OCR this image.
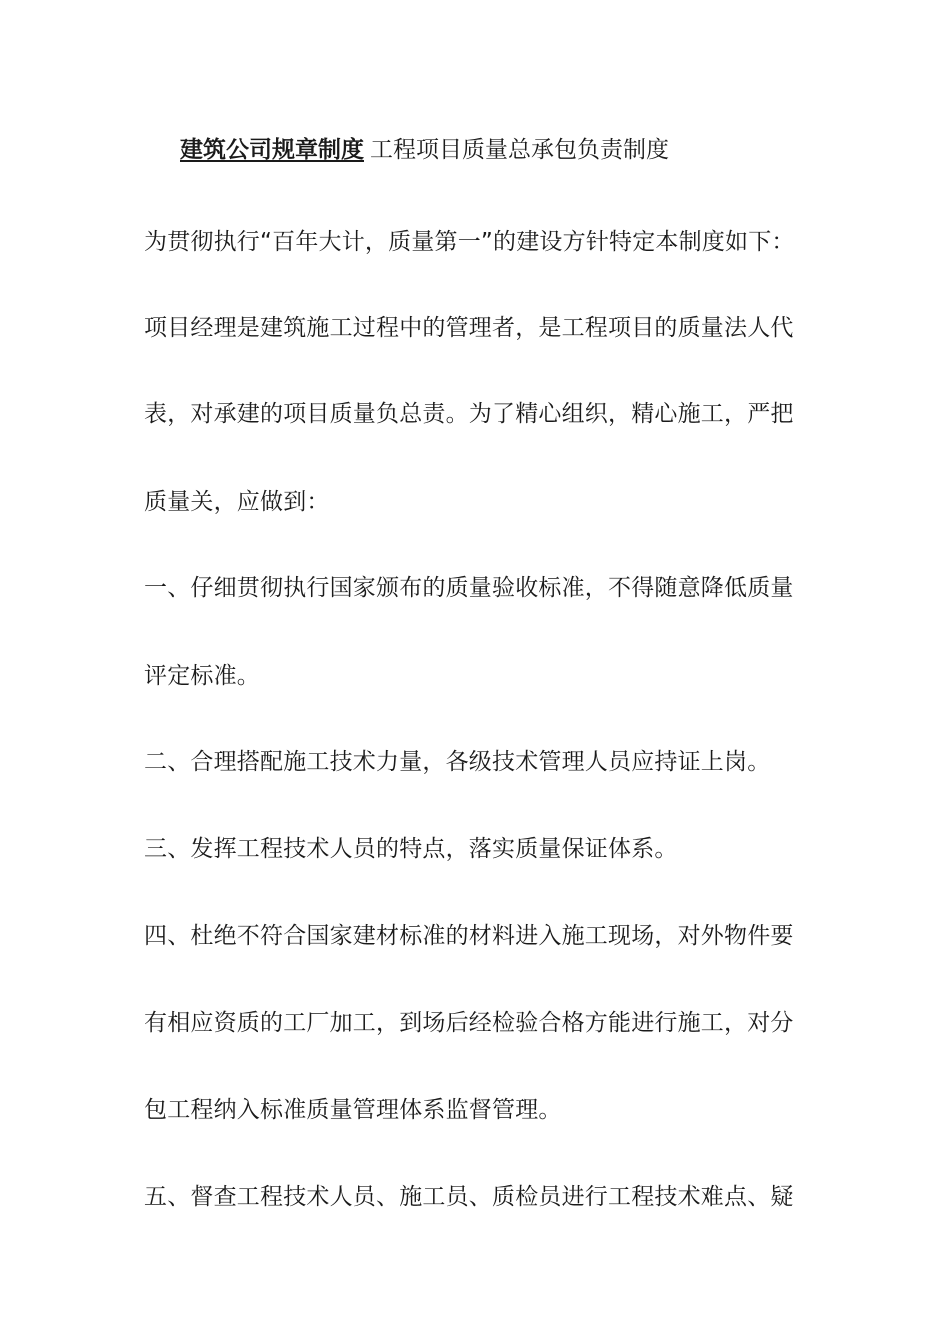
建筑公司规章制度 工程项目质量总承包负责制度
为贯彻执行“百年大计，质量第一”的建设方针特定本制度如下：
项目经理是建筑施工过程中的管理者，是工程项目的质量法人代
表，对承建的项目质量负总责。为了精心组织，精心施工，严把
质量关，应做到：
一、仔细贯彻执行国家颁布的质量验收标准，不得随意降低质量
评定标准。
二、合理搭配施工技术力量，各级技术管理人员应持证上岗。
三、发挥工程技术人员的特点，落实质量保证体系。
四、杜绝不符合国家建材标准的材料进入施工现场，对外物件要
有相应资质的工厂加工，到场后经检验合格方能进行施工，对分
包工程纳入标准质量管理体系监督管理。
五、督查工程技术人员、施工员、质检员进行工程技术难点、疑
